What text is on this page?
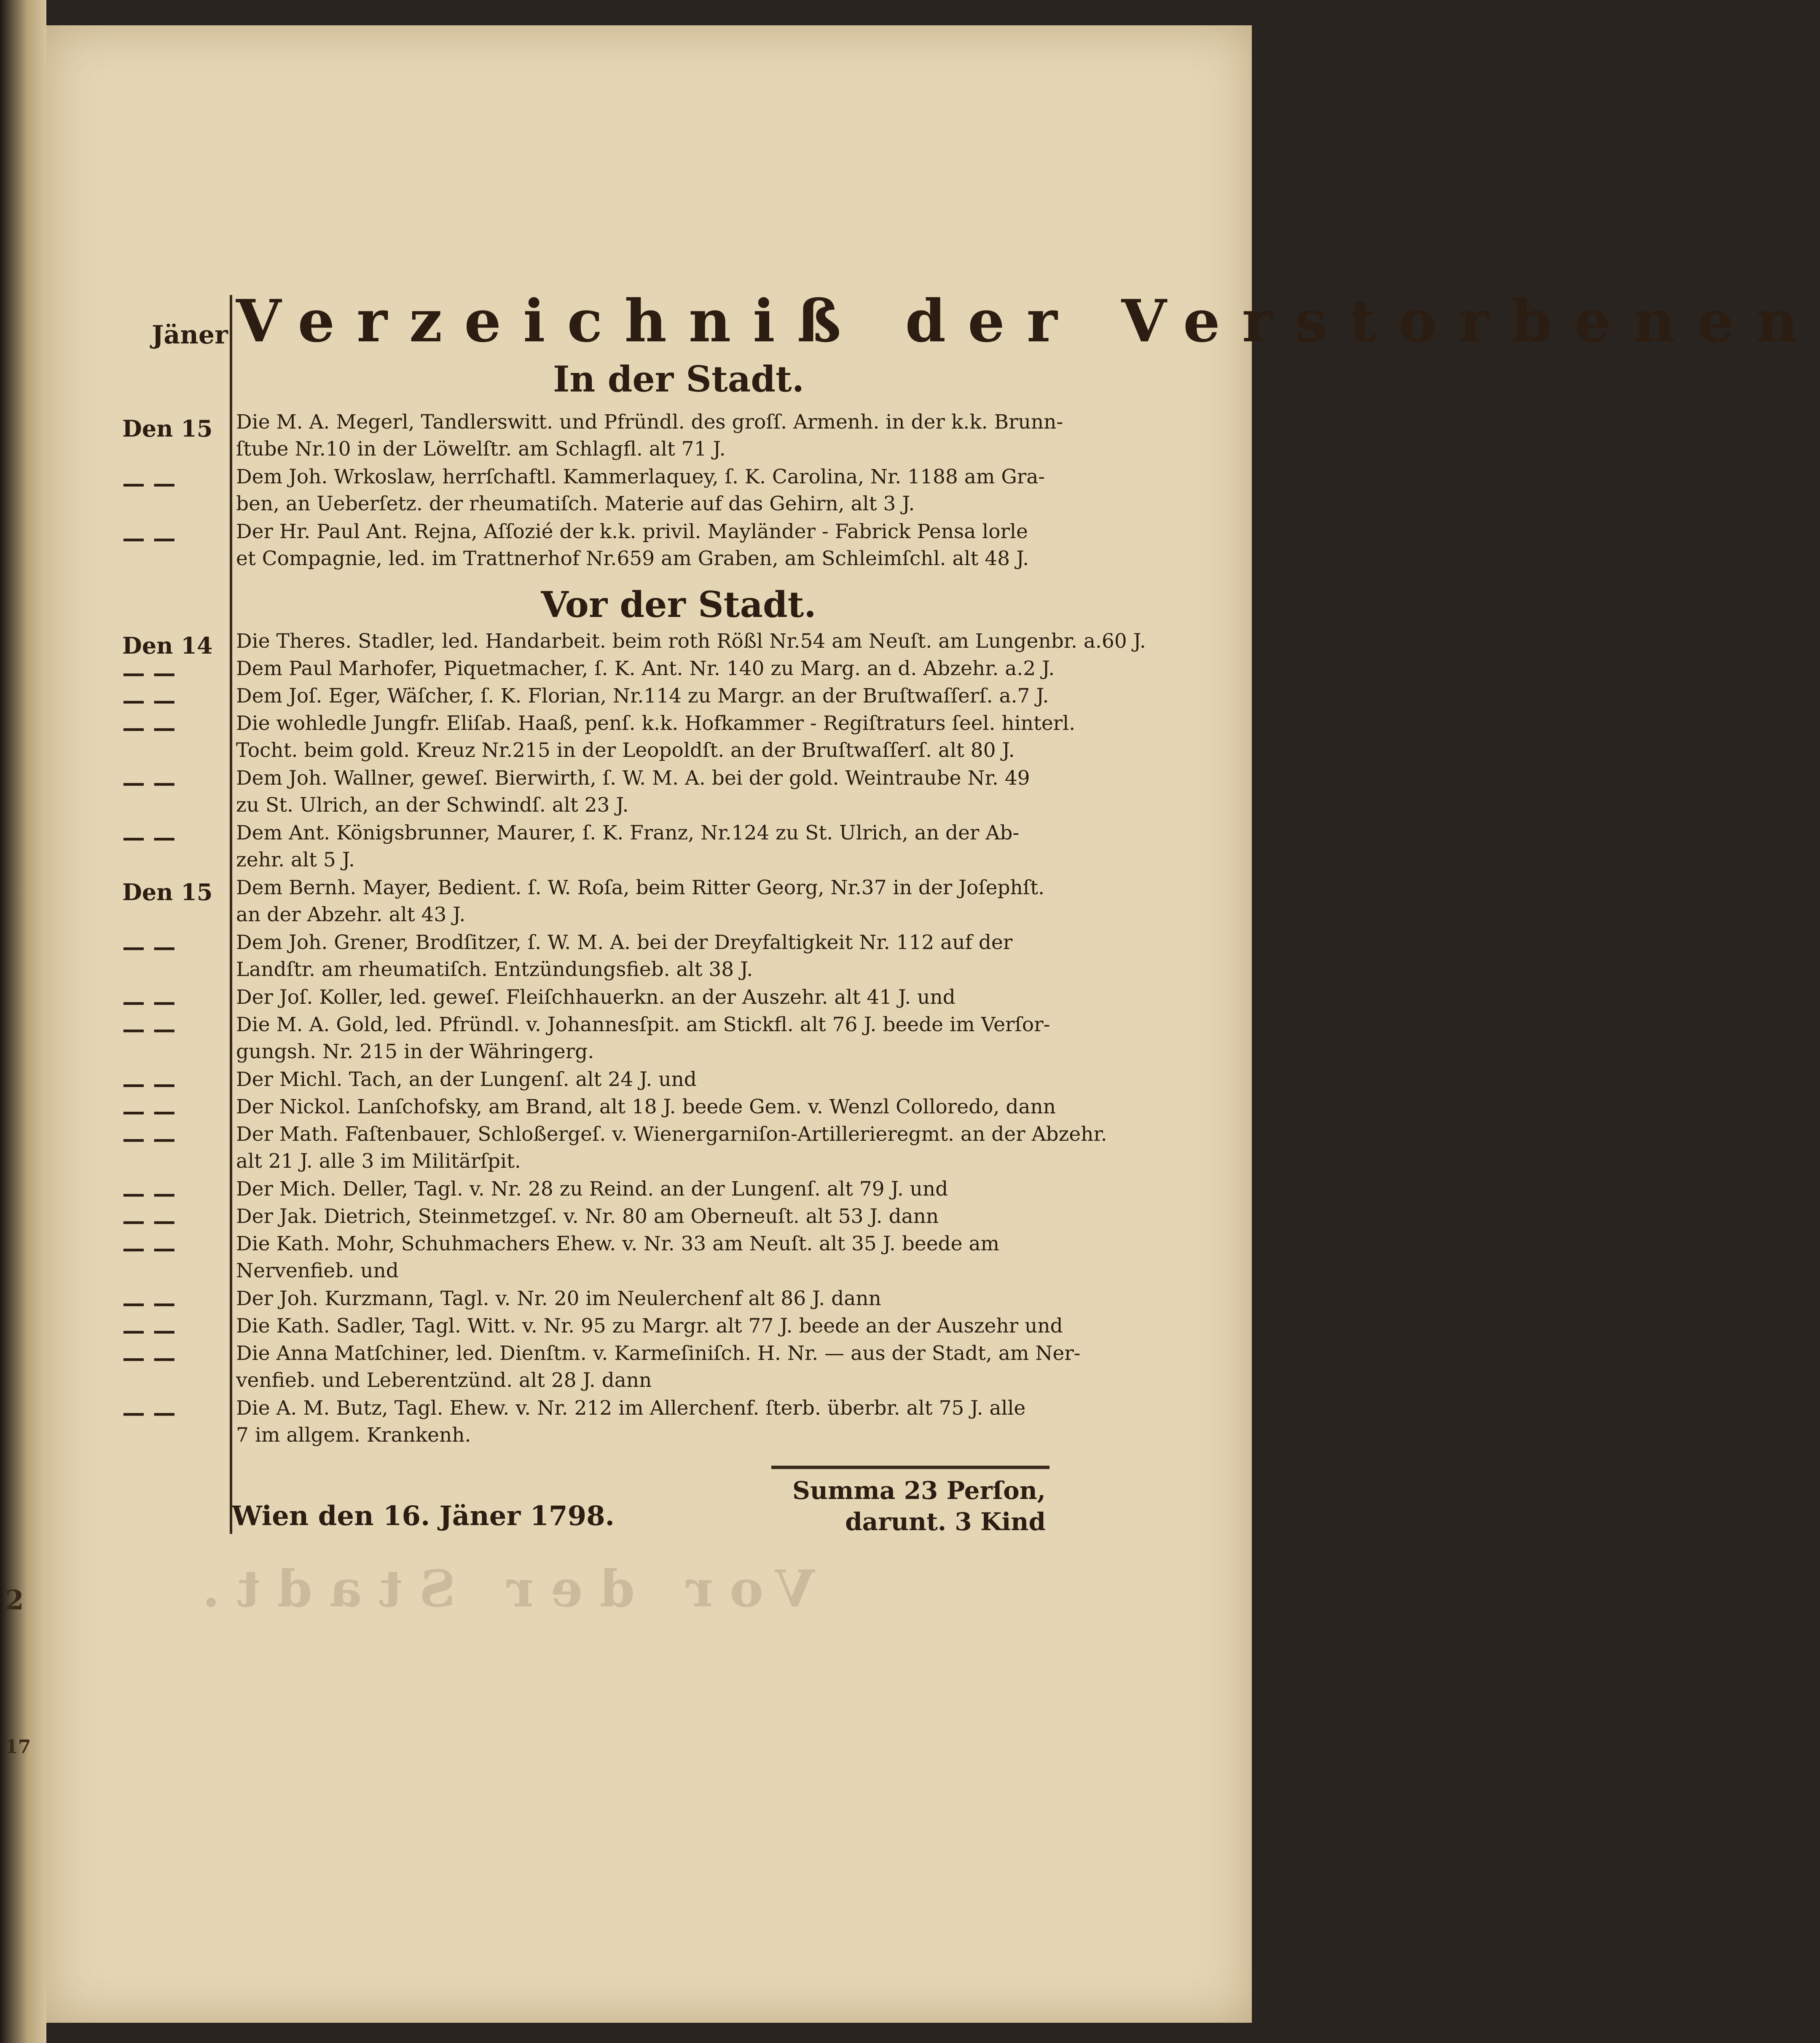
2
17
Vor der Stadt.
Jäner Verzeichniß der Verstorbenen
In der Stadt.
Vor der Stadt.
Den 15	Die M. A. Megerl, Tandlerswitt. und Pfründl. des groſſ. Armenh. in der k.k. Brunn-
ſtube Nr.10 in der Löwelſtr. am Schlagfl. alt 71 J.
— —	Dem Joh. Wrkoslaw, herrſchaftl. Kammerlaquey, ſ. K. Carolina, Nr. 1188 am Gra-
ben, an Ueberſetz. der rheumatiſch. Materie auf das Gehirn, alt 3 J.
— —	Der Hr. Paul Ant. Rejna, Aſſozié der k.k. privil. Mayländer - Fabrick Pensa lorle
et Compagnie, led. im Trattnerhof Nr.659 am Graben, am Schleimſchl. alt 48 J.
Den 14	Die Theres. Stadler, led. Handarbeit. beim roth Rößl Nr.54 am Neuſt. am Lungenbr. a.60 J.
— —	Dem Paul Marhofer, Piquetmacher, ſ. K. Ant. Nr. 140 zu Marg. an d. Abzehr. a.2 J.
— —	Dem Joſ. Eger, Wäſcher, ſ. K. Florian, Nr.114 zu Margr. an der Bruſtwaſſerſ. a.7 J.
— —	Die wohledle Jungfr. Eliſab. Haaß, penſ. k.k. Hofkammer - Regiſtraturs ſeel. hinterl.
Tocht. beim gold. Kreuz Nr.215 in der Leopoldſt. an der Bruſtwaſſerſ. alt 80 J.
— —	Dem Joh. Wallner, geweſ. Bierwirth, ſ. W. M. A. bei der gold. Weintraube Nr. 49
zu St. Ulrich, an der Schwindſ. alt 23 J.
— —	Dem Ant. Königsbrunner, Maurer, ſ. K. Franz, Nr.124 zu St. Ulrich, an der Ab-
zehr. alt 5 J.
Den 15	Dem Bernh. Mayer, Bedient. ſ. W. Roſa, beim Ritter Georg, Nr.37 in der Joſephſt.
an der Abzehr. alt 43 J.
— —	Dem Joh. Grener, Brodſitzer, ſ. W. M. A. bei der Dreyfaltigkeit Nr. 112 auf der
Landſtr. am rheumatiſch. Entzündungsfieb. alt 38 J.
— —	Der Joſ. Koller, led. geweſ. Fleiſchhauerkn. an der Auszehr. alt 41 J. und
— —	Die M. A. Gold, led. Pfründl. v. Johannesſpit. am Stickfl. alt 76 J. beede im Verſor-
gungsh. Nr. 215 in der Währingerg.
— —	Der Michl. Tach, an der Lungenſ. alt 24 J. und
— —	Der Nickol. Lanſchofsky, am Brand, alt 18 J. beede Gem. v. Wenzl Colloredo, dann
— —	Der Math. Faſtenbauer, Schloßergeſ. v. Wienergarniſon-Artillerieregmt. an der Abzehr.
alt 21 J. alle 3 im Militärſpit.
— —	Der Mich. Deller, Tagl. v. Nr. 28 zu Reind. an der Lungenſ. alt 79 J. und
— —	Der Jak. Dietrich, Steinmetzgeſ. v. Nr. 80 am Oberneuſt. alt 53 J. dann
— —	Die Kath. Mohr, Schuhmachers Ehew. v. Nr. 33 am Neuſt. alt 35 J. beede am
Nervenfieb. und
— —	Der Joh. Kurzmann, Tagl. v. Nr. 20 im Neulerchenf alt 86 J. dann
— —	Die Kath. Sadler, Tagl. Witt. v. Nr. 95 zu Margr. alt 77 J. beede an der Auszehr und
— —	Die Anna Matſchiner, led. Dienſtm. v. Karmeſiniſch. H. Nr. — aus der Stadt, am Ner-
venfieb. und Leberentzünd. alt 28 J. dann
— —	Die A. M. Butz, Tagl. Ehew. v. Nr. 212 im Allerchenf. ſterb. überbr. alt 75 J. alle
7 im allgem. Krankenh.
Summa 23 Perſon,
darunt. 3 Kind
Wien den 16. Jäner 1798.
